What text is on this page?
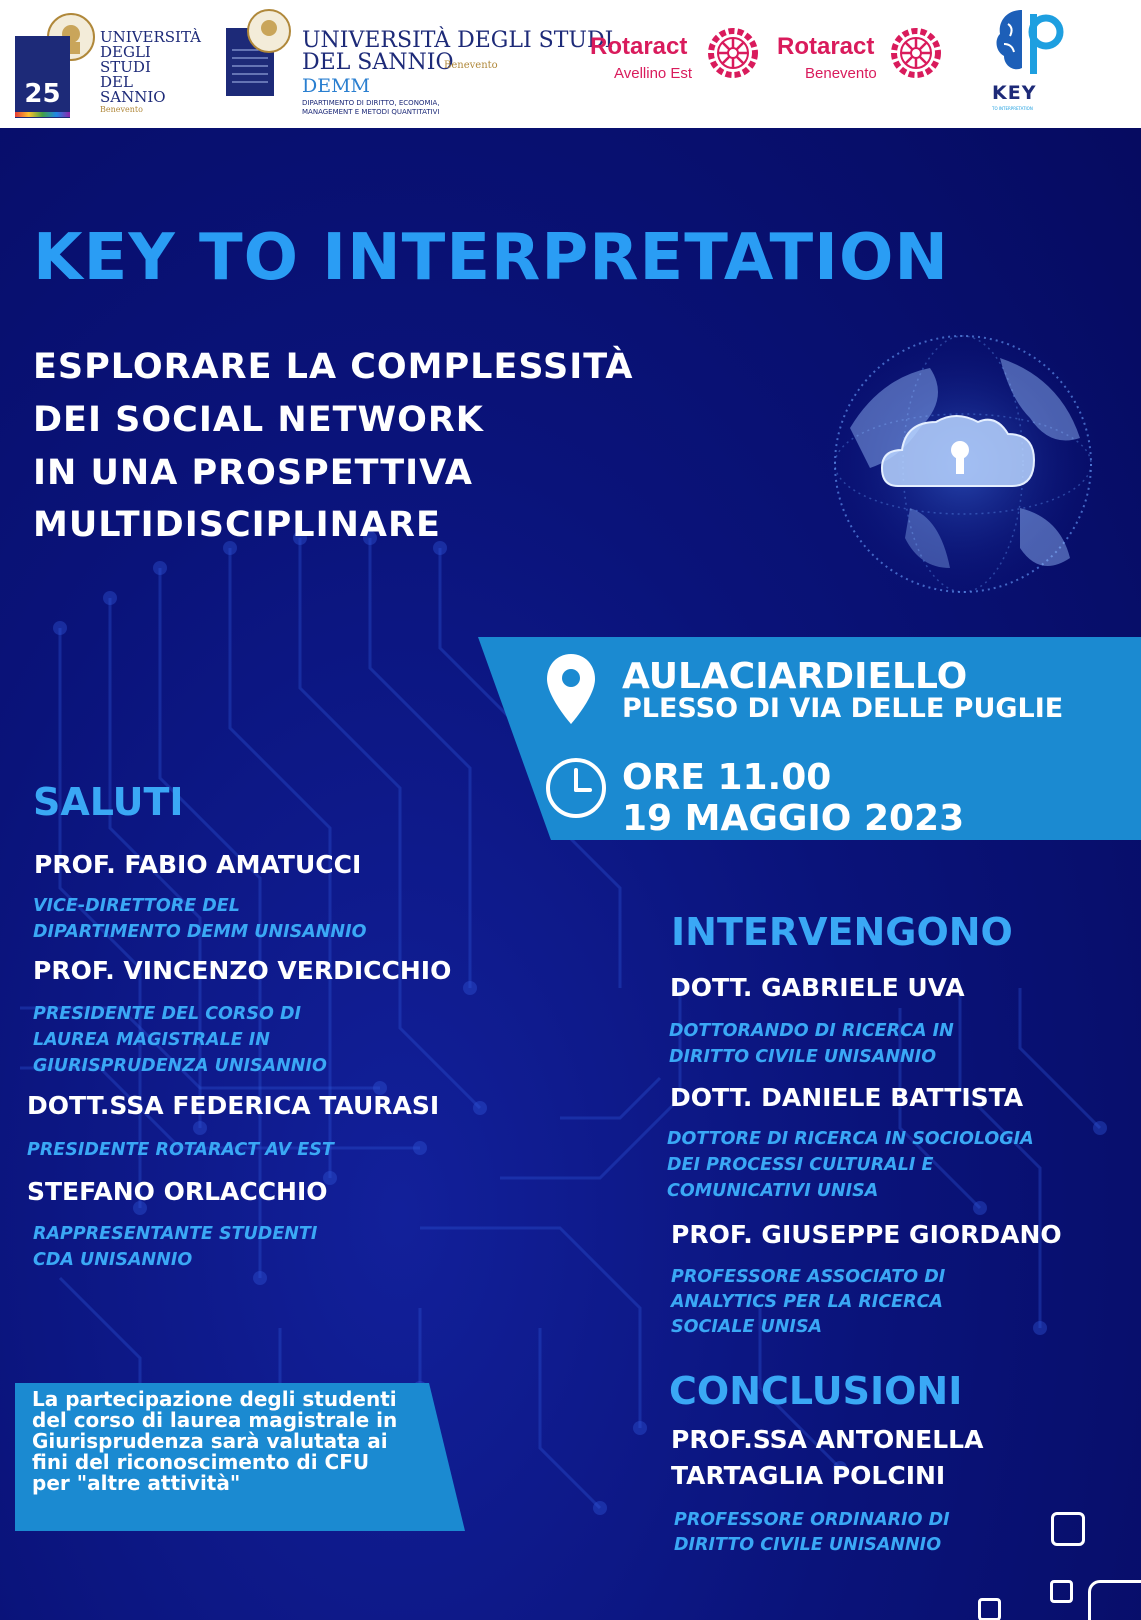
25
UNIVERSITÀ
DEGLI STUDI
DEL
SANNIO
Benevento
UNIVERSITÀ DEGLI STUDI
DEL SANNIO
Benevento
DEMM
DIPARTIMENTO DI DIRITTO, ECONOMIA,
MANAGEMENT E METODI QUANTITATIVI
Rotaract
Avellino Est
Rotaract
Benevento
KEY
TO INTERPRETATION
KEY TO INTERPRETATION
ESPLORARE LA COMPLESSITÀ
DEI SOCIAL NETWORK
IN UNA PROSPETTIVA
MULTIDISCIPLINARE
AULACIARDIELLO
PLESSO DI VIA DELLE PUGLIE
ORE 11.00
19 MAGGIO 2023
SALUTI
PROF. FABIO AMATUCCI
VICE-DIRETTORE DEL
DIPARTIMENTO DEMM UNISANNIO
PROF. VINCENZO VERDICCHIO
PRESIDENTE DEL CORSO DI
LAUREA MAGISTRALE IN
GIURISPRUDENZA UNISANNIO
DOTT.SSA FEDERICA TAURASI
PRESIDENTE ROTARACT AV EST
STEFANO ORLACCHIO
RAPPRESENTANTE STUDENTI
CDA UNISANNIO
INTERVENGONO
DOTT. GABRIELE UVA
DOTTORANDO DI RICERCA IN
DIRITTO CIVILE UNISANNIO
DOTT. DANIELE BATTISTA
DOTTORE DI RICERCA IN SOCIOLOGIA
DEI PROCESSI CULTURALI E
COMUNICATIVI UNISA
PROF. GIUSEPPE GIORDANO
PROFESSORE ASSOCIATO DI
ANALYTICS PER LA RICERCA
SOCIALE UNISA
CONCLUSIONI
PROF.SSA ANTONELLA
TARTAGLIA POLCINI
PROFESSORE ORDINARIO DI
DIRITTO CIVILE UNISANNIO
La partecipazione degli studenti
del corso di laurea magistrale in
Giurisprudenza sarà valutata ai
fini del riconoscimento di CFU
per "altre attività"
